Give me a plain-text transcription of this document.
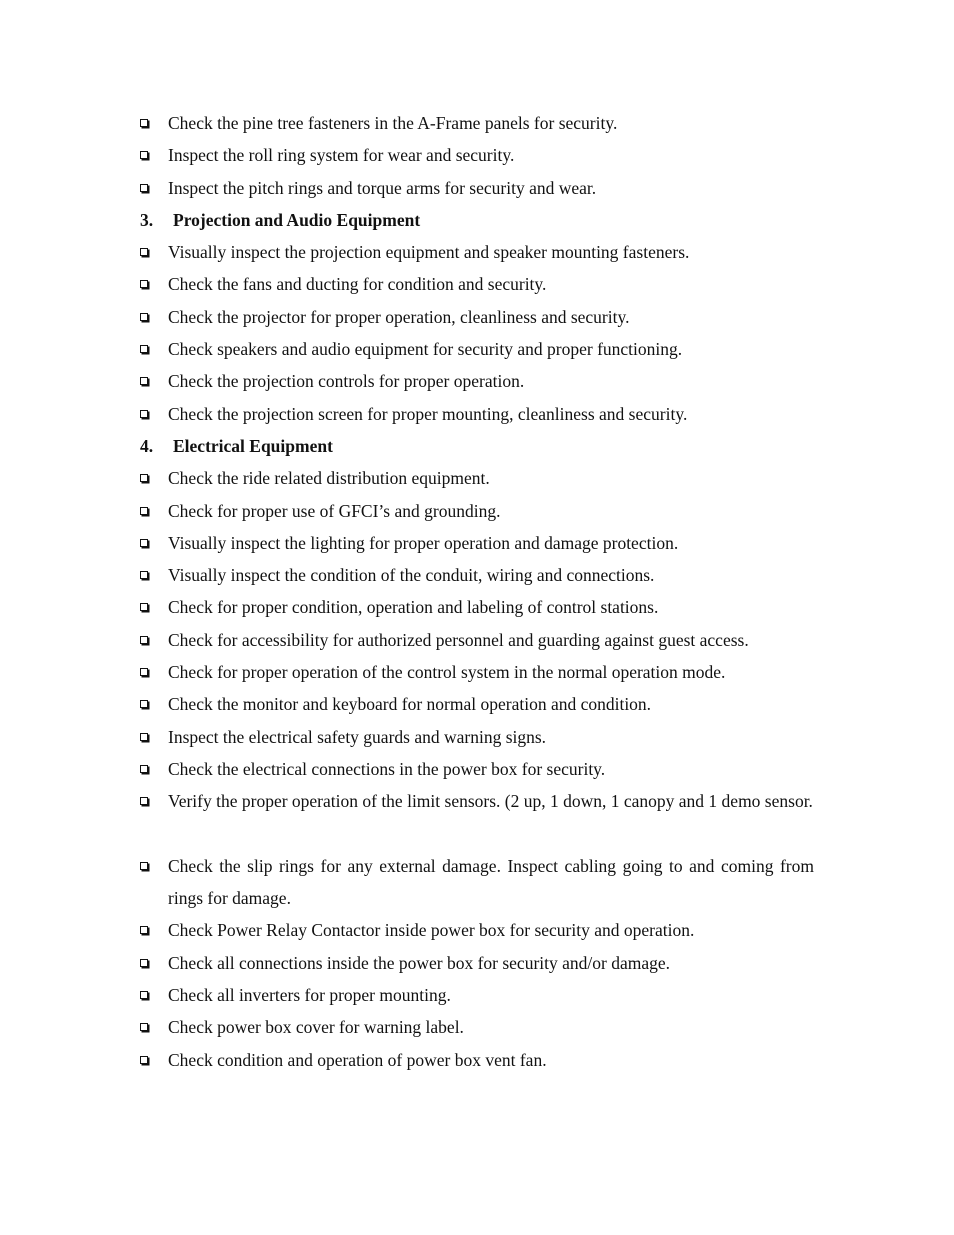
Check the pine tree fasteners in the A-Frame panels for security.
Inspect the roll ring system for wear and security.
Inspect the pitch rings and torque arms for security and wear.
3. Projection and Audio Equipment
Visually inspect the projection equipment and speaker mounting fasteners.
Check the fans and ducting for condition and security.
Check the projector for proper operation, cleanliness and security.
Check speakers and audio equipment for security and proper functioning.
Check the projection controls for proper operation.
Check the projection screen for proper mounting, cleanliness and security.
4. Electrical Equipment
Check the ride related distribution equipment.
Check for proper use of GFCI’s and grounding.
Visually inspect the lighting for proper operation and damage protection.
Visually inspect the condition of the conduit, wiring and connections.
Check for proper condition, operation and labeling of control stations.
Check for accessibility for authorized personnel and guarding against guest access.
Check for proper operation of the control system in the normal operation mode.
Check the monitor and keyboard for normal operation and condition.
Inspect the electrical safety guards and warning signs.
Check the electrical connections in the power box for security.
Verify the proper operation of the limit sensors. (2 up, 1 down, 1 canopy and 1 demo sensor.
Check the slip rings for any external damage. Inspect cabling going to and coming from rings for damage.
Check Power Relay Contactor inside power box for security and operation.
Check all connections inside the power box for security and/or damage.
Check all inverters for proper mounting.
Check power box cover for warning label.
Check condition and operation of power box vent fan.
